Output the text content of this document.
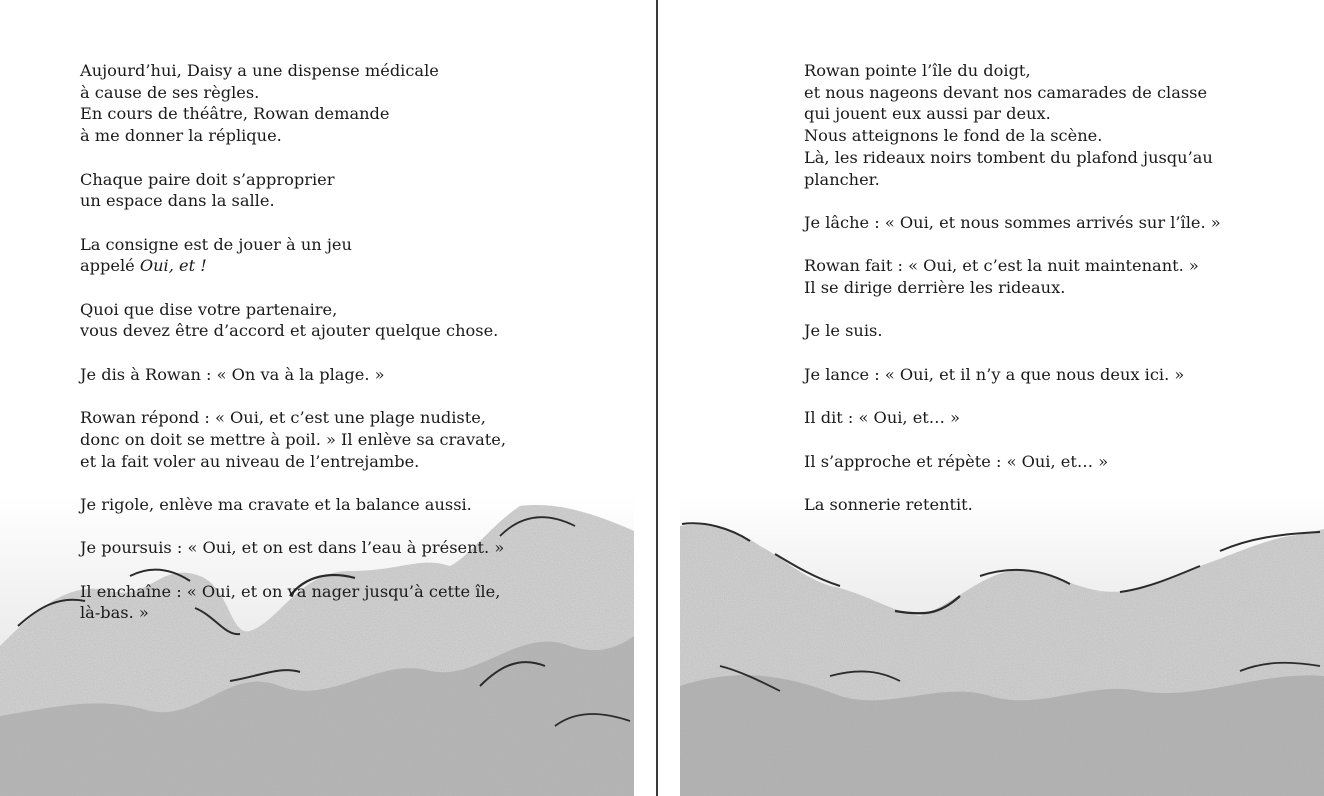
Aujourd’hui, Daisy a une dispense médicale
à cause de ses règles.
En cours de théâtre, Rowan demande
à me donner la réplique.

Chaque paire doit s’approprier
un espace dans la salle.

La consigne est de jouer à un jeu
appelé Oui, et !

Quoi que dise votre partenaire,
vous devez être d’accord et ajouter quelque chose.

Je dis à Rowan : « On va à la plage. »

Rowan répond : « Oui, et c’est une plage nudiste,
donc on doit se mettre à poil. » Il enlève sa cravate,
et la fait voler au niveau de l’entrejambe.

Je rigole, enlève ma cravate et la balance aussi.

Je poursuis : « Oui, et on est dans l’eau à présent. »

Il enchaîne : « Oui, et on va nager jusqu’à cette île,
là-bas. »

Rowan pointe l’île du doigt,
et nous nageons devant nos camarades de classe
qui jouent eux aussi par deux.
Nous atteignons le fond de la scène.
Là, les rideaux noirs tombent du plafond jusqu’au
plancher.

Je lâche : « Oui, et nous sommes arrivés sur l’île. »

Rowan fait : « Oui, et c’est la nuit maintenant. »
Il se dirige derrière les rideaux.

Je le suis.

Je lance : « Oui, et il n’y a que nous deux ici. »

Il dit : « Oui, et… »

Il s’approche et répète : « Oui, et… »

La sonnerie retentit.
